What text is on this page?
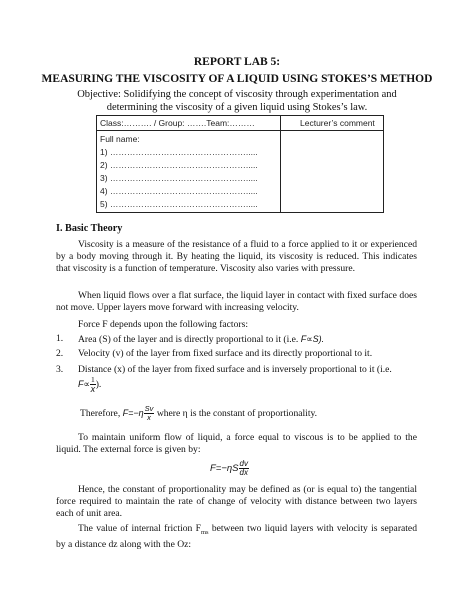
REPORT LAB 5:

MEASURING THE VISCOSITY OF A LIQUID USING STOKES’S METHOD

Objective: Solidifying the concept of viscosity through experimentation and

determining the viscosity of a given liquid using Stokes’s law.

Class:………. / Group: …….Team:………	Lecturer’s comment
Full name:
1) ………………………………………….....
2) ………………………………………….....
3) ………………………………………….....
4) ………………………………………….....
5) ………………………………………….....

I. Basic Theory

Viscosity is a measure of the resistance of a fluid to a force applied to it or experienced by a body moving through it. By heating the liquid, its viscosity is reduced. This indicates that viscosity is a function of temperature. Viscosity also varies with pressure.

When liquid flows over a flat surface, the liquid layer in contact with fixed surface does not move. Upper layers move forward with increasing velocity.

Force F depends upon the following factors:

1. Area (S) of the layer and is directly proportional to it (i.e. F∝S).

2. Velocity (v) of the layer from fixed surface and its directly proportional to it.

3. Distance (x) of the layer from fixed surface and is inversely proportional to it (i.e.
$F\propto \frac{1}{x}$ ).

Therefore, $F=-\eta \frac{Sv}{x}$ where η is the constant of proportionality.

To maintain uniform flow of liquid, a force equal to viscous is to be applied to the liquid. The external force is given by:

$F=-\eta S \frac{dv}{dx}$

Hence, the constant of proportionality may be defined as (or is equal to) the tangential force required to maintain the rate of change of velocity with distance between two layers each of unit area.

The value of internal friction $F_{ms}$ between two liquid layers with velocity is separated by a distance dz along with the Oz:
